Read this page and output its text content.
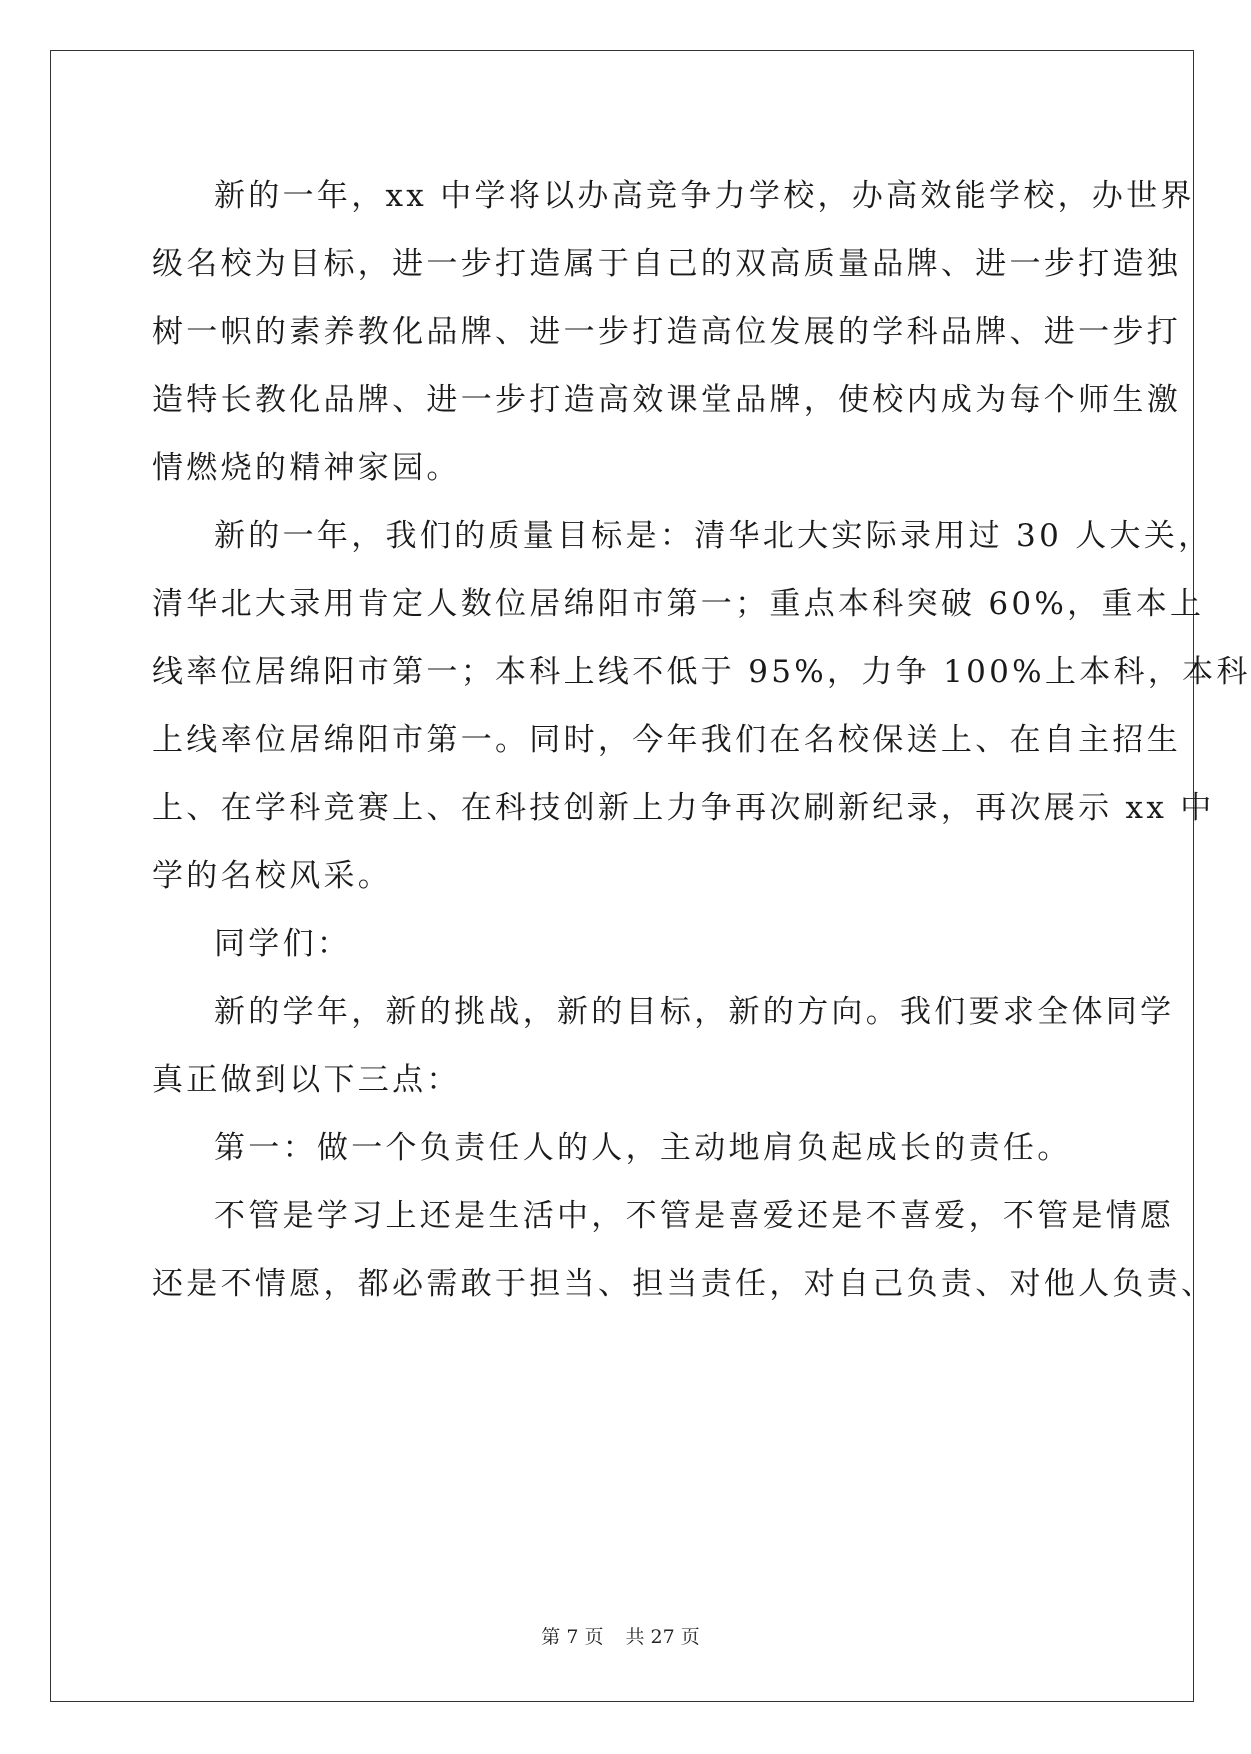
新的一年，xx 中学将以办高竞争力学校，办高效能学校，办世界
级名校为目标，进一步打造属于自己的双高质量品牌、进一步打造独
树一帜的素养教化品牌、进一步打造高位发展的学科品牌、进一步打
造特长教化品牌、进一步打造高效课堂品牌，使校内成为每个师生激
情燃烧的精神家园。
新的一年，我们的质量目标是：清华北大实际录用过 30 人大关，
清华北大录用肯定人数位居绵阳市第一；重点本科突破 60%，重本上
线率位居绵阳市第一；本科上线不低于 95%，力争 100%上本科，本科
上线率位居绵阳市第一。同时，今年我们在名校保送上、在自主招生
上、在学科竞赛上、在科技创新上力争再次刷新纪录，再次展示 xx 中
学的名校风采。
同学们：
新的学年，新的挑战，新的目标，新的方向。我们要求全体同学
真正做到以下三点：
第一：做一个负责任人的人，主动地肩负起成长的责任。
不管是学习上还是生活中，不管是喜爱还是不喜爱，不管是情愿
还是不情愿，都必需敢于担当、担当责任，对自己负责、对他人负责、
第 7 页 共 27 页
